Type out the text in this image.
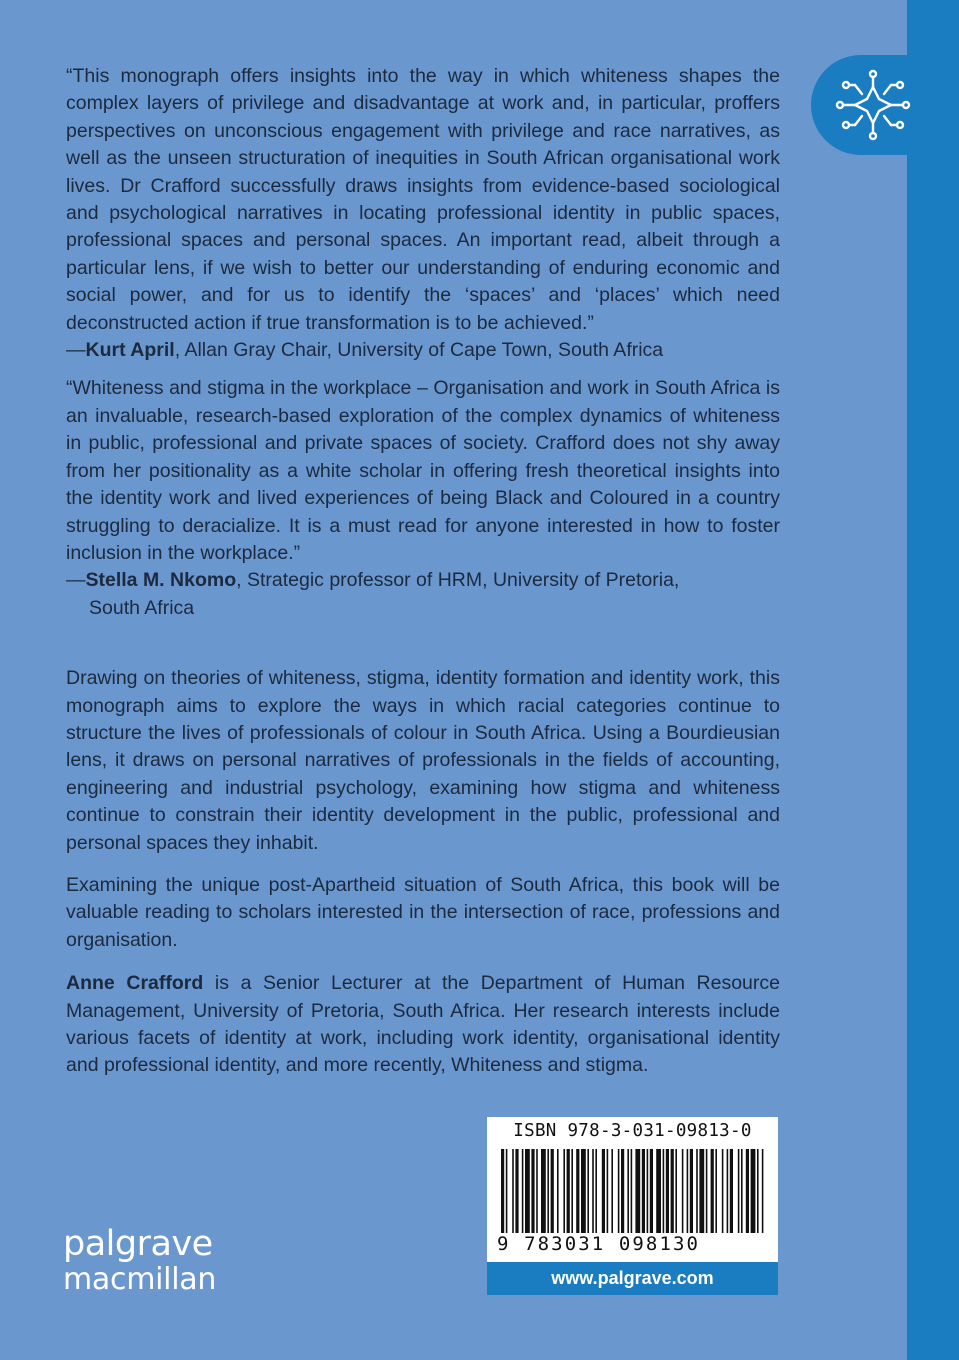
“This monograph offers insights into the way in which whiteness shapes the complex layers of privilege and disadvantage at work and, in particular, proffers perspectives on unconscious engagement with privilege and race narratives, as well as the unseen structuration of inequities in South African organisational work lives. Dr Crafford successfully draws insights from evidence-based sociological and psychological narratives in locating professional identity in public spaces, professional spaces and personal spaces. An important read, albeit through a particular lens, if we wish to better our understanding of enduring economic and social power, and for us to identify the ‘spaces’ and ‘places’ which need deconstructed action if true transformation is to be achieved.”

—Kurt April, Allan Gray Chair, University of Cape Town, South Africa

“Whiteness and stigma in the workplace – Organisation and work in South Africa is an invaluable, research-based exploration of the complex dynamics of whiteness in public, professional and private spaces of society. Crafford does not shy away from her positionality as a white scholar in offering fresh theoretical insights into the identity work and lived experiences of being Black and Coloured in a country struggling to deracialize. It is a must read for anyone interested in how to foster inclusion in the workplace.”

—Stella M. Nkomo, Strategic professor of HRM, University of Pretoria,

South Africa

Drawing on theories of whiteness, stigma, identity formation and identity work, this monograph aims to explore the ways in which racial categories continue to structure the lives of professionals of colour in South Africa. Using a Bourdieusian lens, it draws on personal narratives of professionals in the fields of accounting, engineering and industrial psychology, examining how stigma and whiteness continue to constrain their identity development in the public, professional and personal spaces they inhabit.

Examining the unique post-Apartheid situation of South Africa, this book will be valuable reading to scholars interested in the intersection of race, professions and organisation.

Anne Crafford is a Senior Lecturer at the Department of Human Resource Management, University of Pretoria, South Africa. Her research interests include various facets of identity at work, including work identity, organisational identity and professional identity, and more recently, Whiteness and stigma.

ISBN 978-3-031-09813-0
9 783031 098130
www.palgrave.com
palgrave
macmillan
